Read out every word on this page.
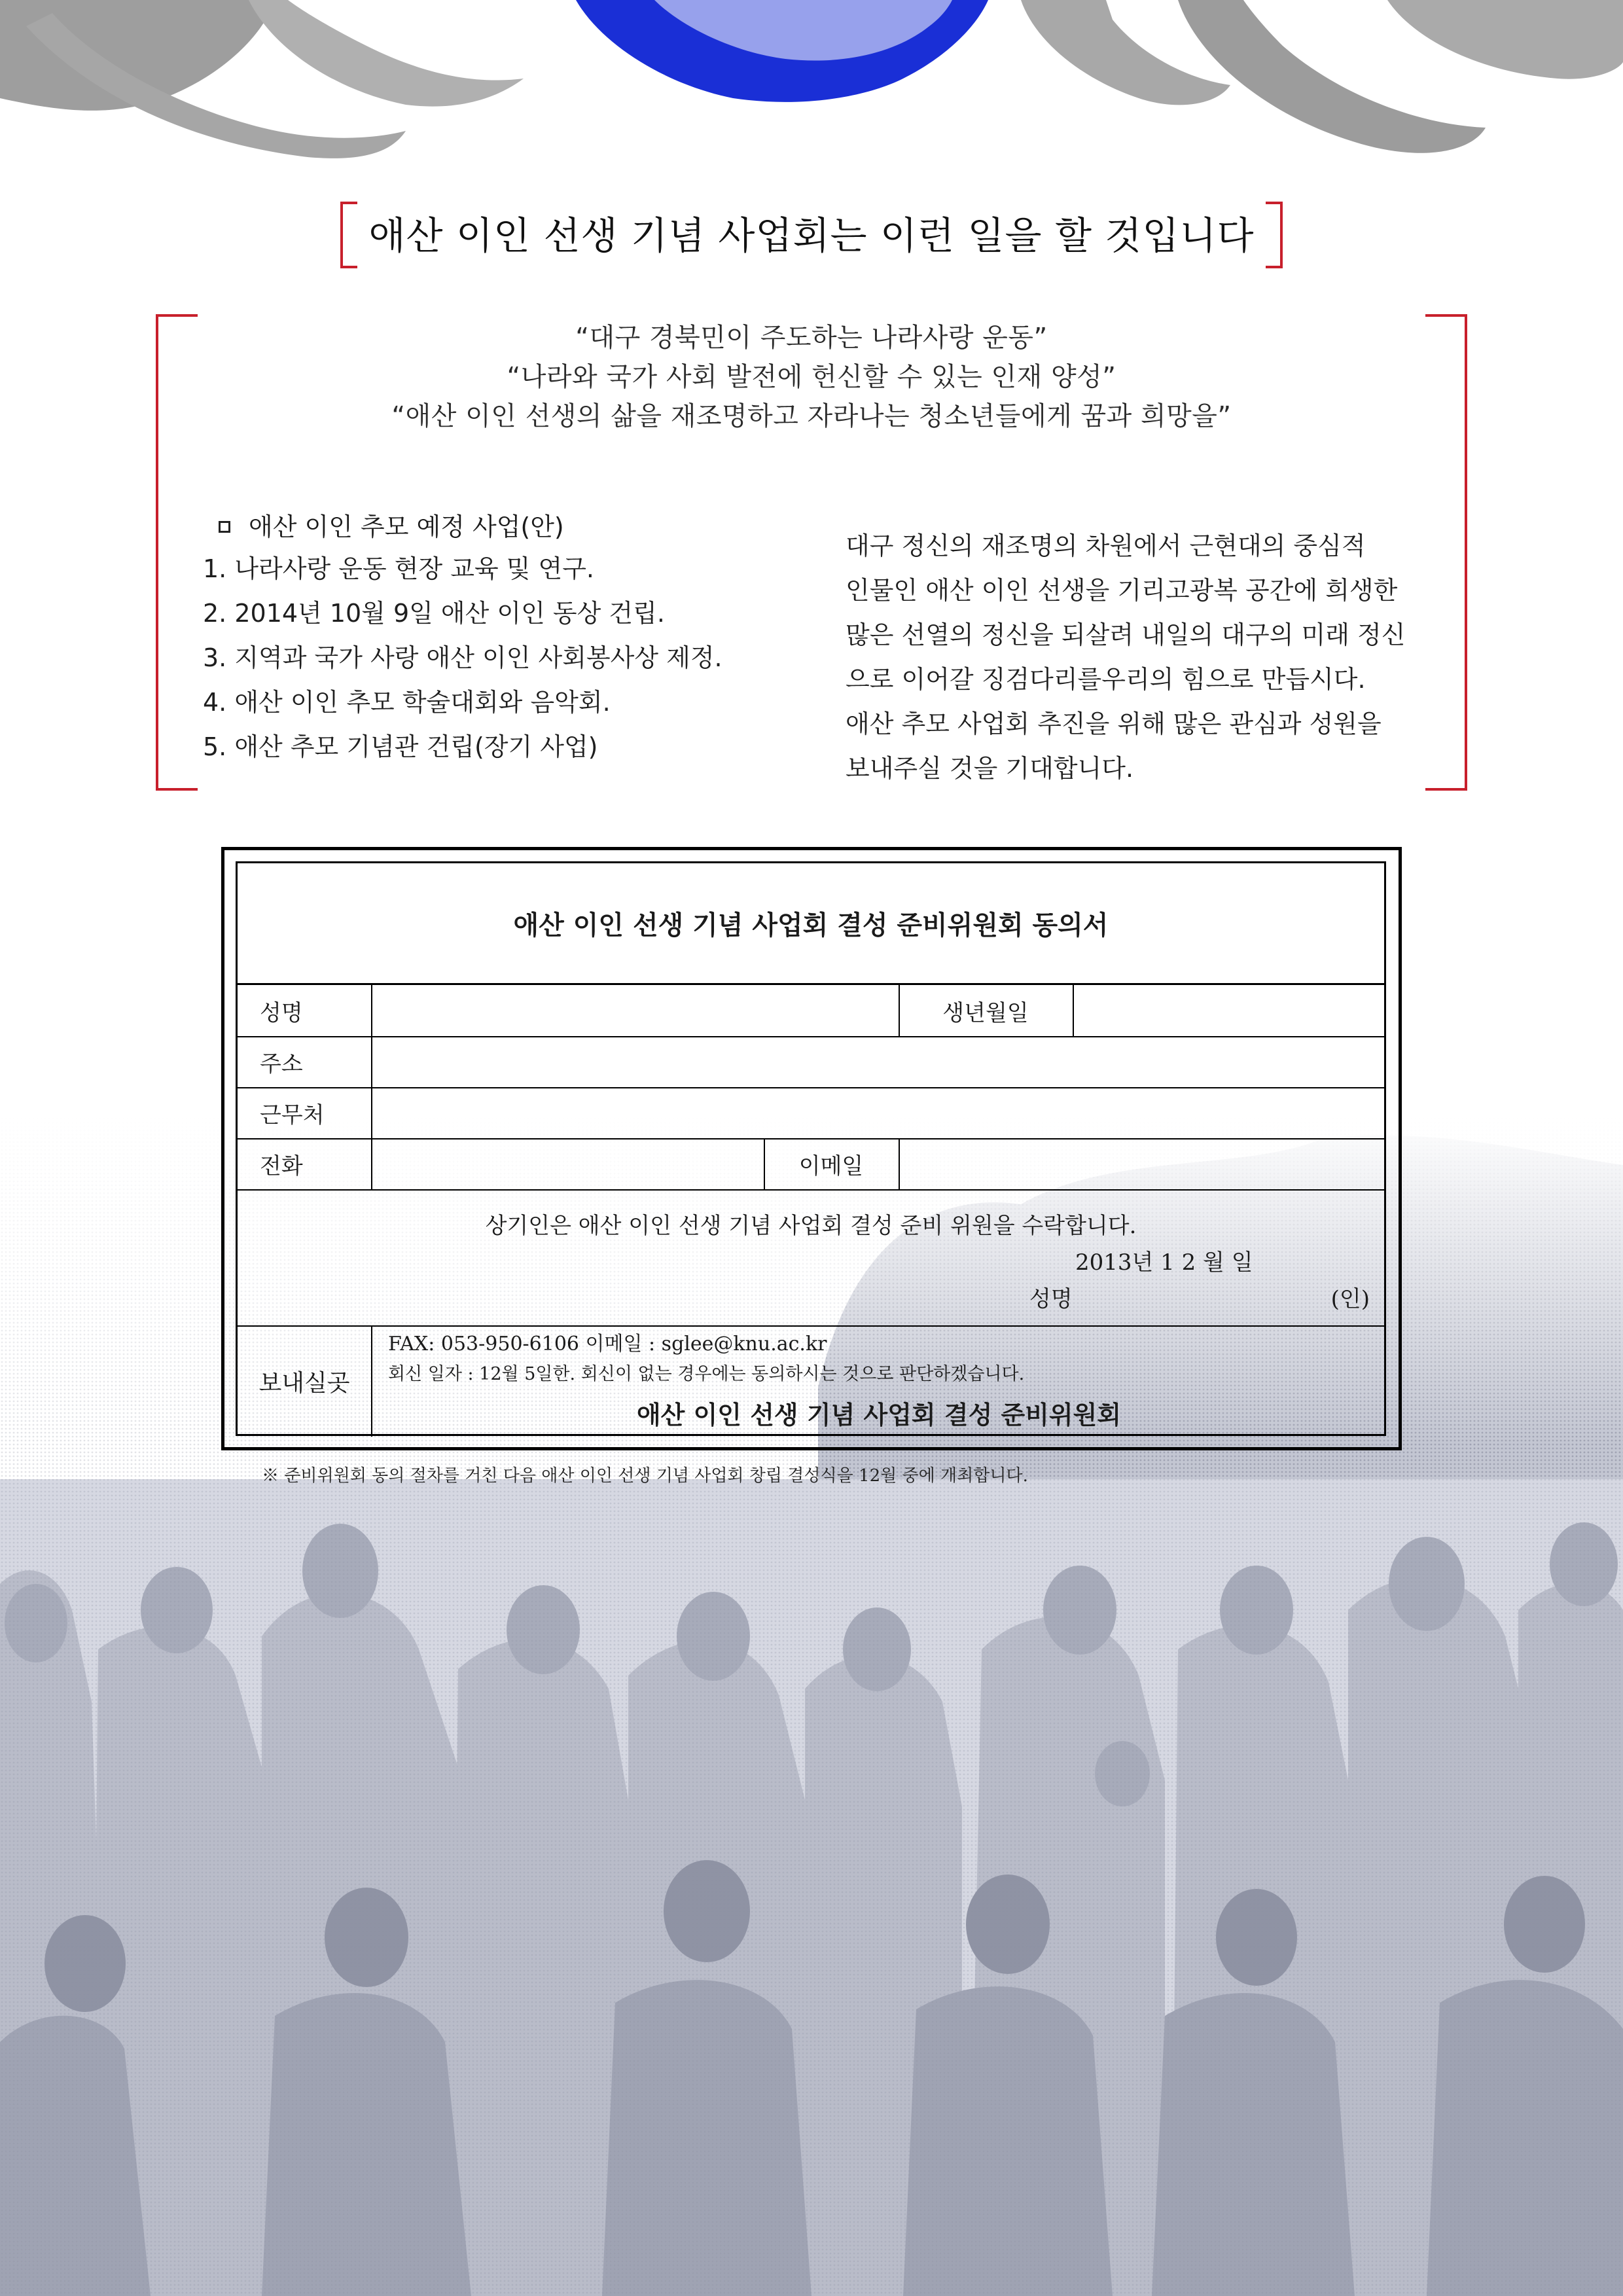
애산 이인 선생 기념 사업회는 이런 일을 할 것입니다
“대구 경북민이 주도하는 나라사랑 운동”
“나라와 국가 사회 발전에 헌신할 수 있는 인재 양성”
“애산 이인 선생의 삶을 재조명하고 자라나는 청소년들에게 꿈과 희망을”
애산 이인 추모 예정 사업(안)
1. 나라사랑 운동 현장 교육 및 연구.
2. 2014년 10월 9일 애산 이인 동상 건립.
3. 지역과 국가 사랑 애산 이인 사회봉사상 제정.
4. 애산 이인 추모 학술대회와 음악회.
5. 애산 추모 기념관 건립(장기 사업)
대구 정신의 재조명의 차원에서 근현대의 중심적
인물인 애산 이인 선생을 기리고광복 공간에 희생한
많은 선열의 정신을 되살려 내일의 대구의 미래 정신
으로 이어갈 징검다리를우리의 힘으로 만듭시다.
애산 추모 사업회 추진을 위해 많은 관심과 성원을
보내주실 것을 기대합니다.
애산 이인 선생 기념 사업회 결성 준비위원회 동의서
성명	생년월일
주소
근무처
전화	이메일
상기인은 애산 이인 선생 기념 사업회 결성 준비 위원을 수락합니다.
2013년 1 2 월 일
성명	(인)
보내실곳
FAX: 053-950-6106 이메일 : sglee@knu.ac.kr
회신 일자 : 12월 5일한. 회신이 없는 경우에는 동의하시는 것으로 판단하겠습니다.
애산 이인 선생 기념 사업회 결성 준비위원회
※ 준비위원회 동의 절차를 거친 다음 애산 이인 선생 기념 사업회 창립 결성식을 12월 중에 개최합니다.
